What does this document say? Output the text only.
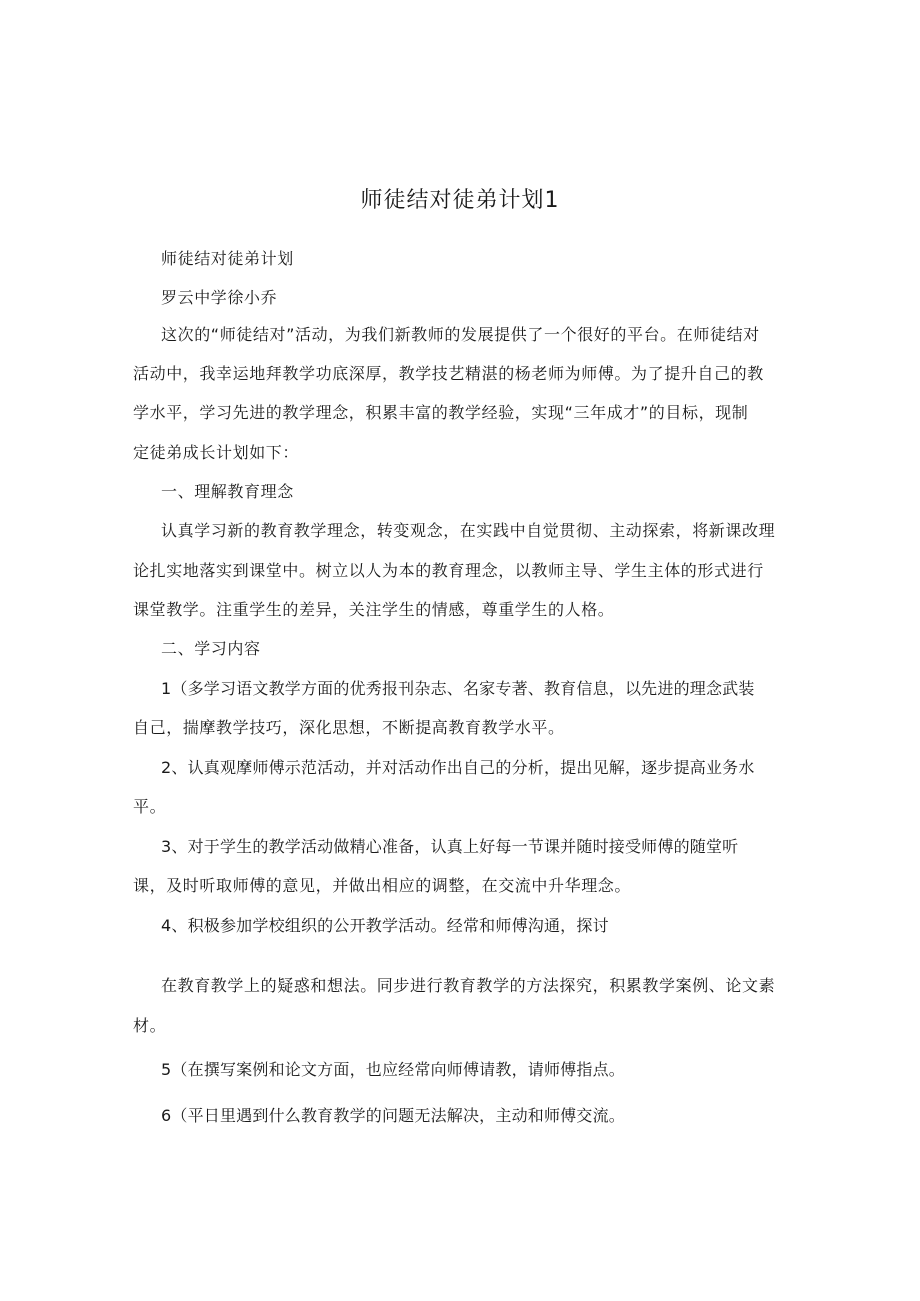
师徒结对徒弟计划1

师徒结对徒弟计划

罗云中学徐小乔

这次的“师徒结对”活动，为我们新教师的发展提供了一个很好的平台。在师徒结对

活动中，我幸运地拜教学功底深厚，教学技艺精湛的杨老师为师傅。为了提升自己的教

学水平，学习先进的教学理念，积累丰富的教学经验，实现“三年成才”的目标，现制

定徒弟成长计划如下：

一、理解教育理念

认真学习新的教育教学理念，转变观念，在实践中自觉贯彻、主动探索，将新课改理

论扎实地落实到课堂中。树立以人为本的教育理念，以教师主导、学生主体的形式进行

课堂教学。注重学生的差异，关注学生的情感，尊重学生的人格。

二、学习内容

1（多学习语文教学方面的优秀报刊杂志、名家专著、教育信息，以先进的理念武装

自己，揣摩教学技巧，深化思想，不断提高教育教学水平。

2、认真观摩师傅示范活动，并对活动作出自己的分析，提出见解，逐步提高业务水

平。

3、对于学生的教学活动做精心准备，认真上好每一节课并随时接受师傅的随堂听

课，及时听取师傅的意见，并做出相应的调整，在交流中升华理念。

4、积极参加学校组织的公开教学活动。经常和师傅沟通，探讨

在教育教学上的疑惑和想法。同步进行教育教学的方法探究，积累教学案例、论文素

材。

5（在撰写案例和论文方面，也应经常向师傅请教，请师傅指点。

6（平日里遇到什么教育教学的问题无法解决，主动和师傅交流。
